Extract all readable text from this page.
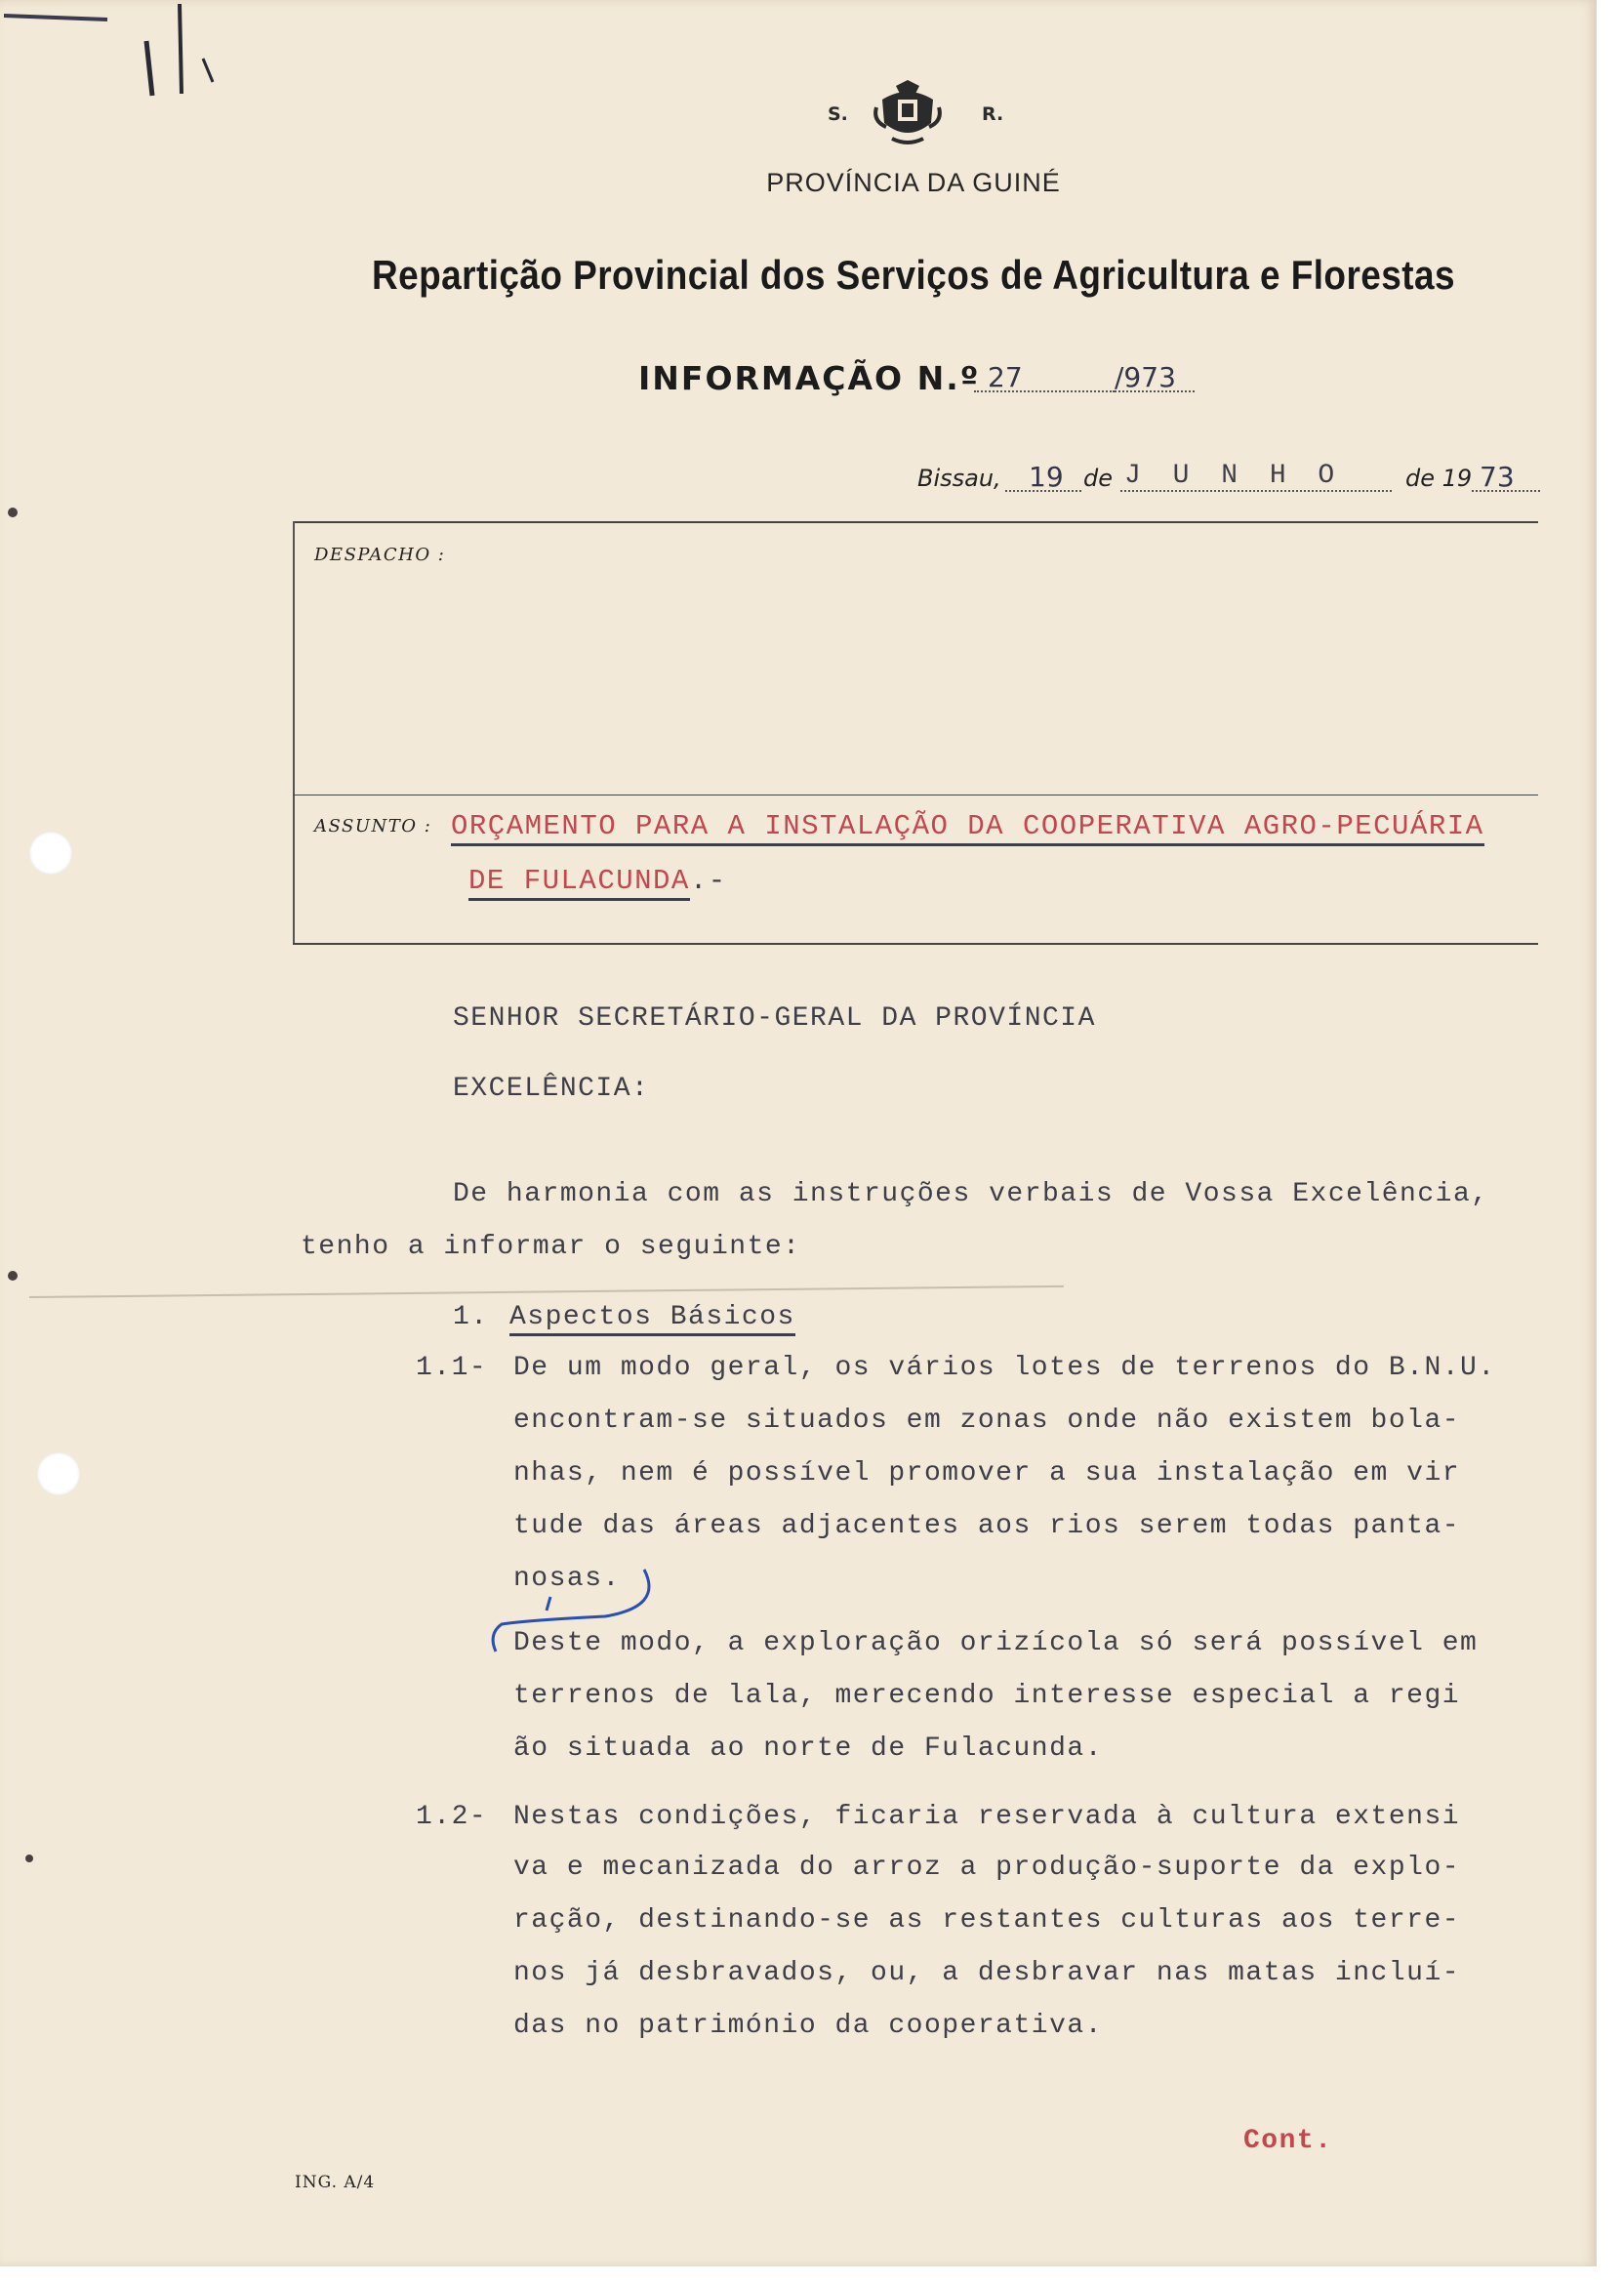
S.	R.
PROVÍNCIA DA GUINÉ
Repartição Provincial dos Serviços de Agricultura e Florestas
INFORMAÇÃO N.º 27	/973
Bissau,	19 de J U N H O	de 19 73
DESPACHO :
ASSUNTO : ORÇAMENTO PARA A INSTALAÇÃO DA COOPERATIVA AGRO-PECUÁRIA
DE FULACUNDA.-
SENHOR SECRETÁRIO-GERAL DA PROVÍNCIA
EXCELÊNCIA:
De harmonia com as instruções verbais de Vossa Excelência,
tenho a informar o seguinte:
1. Aspectos Básicos
1.1- De um modo geral, os vários lotes de terrenos do B.N.U.
encontram-se situados em zonas onde não existem bola-
nhas, nem é possível promover a sua instalação em vir
tude das áreas adjacentes aos rios serem todas panta-
nosas.
Deste modo, a exploração orizícola só será possível em
terrenos de lala, merecendo interesse especial a regi
ão situada ao norte de Fulacunda.
1.2- Nestas condições, ficaria reservada à cultura extensi
va e mecanizada do arroz a produção-suporte da explo-
ração, destinando-se as restantes culturas aos terre-
nos já desbravados, ou, a desbravar nas matas incluí-
das no património da cooperativa.
Cont.
ING. A/4
